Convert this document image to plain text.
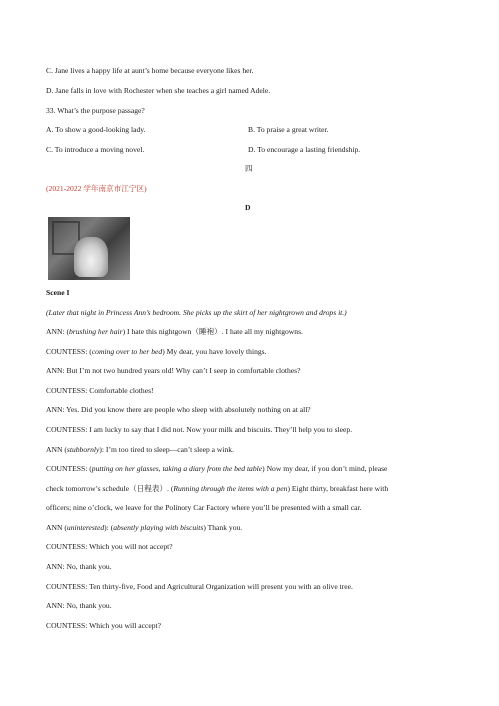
C. Jane lives a happy life at aunt’s home because everyone likes her.
D. Jane falls in love with Rochester when she teaches a girl named Adele.
33. What’s the purpose passage?
A. To show a good-looking lady.	B. To praise a great writer.
C. To introduce a moving novel.	D. To encourage a lasting friendship.
四
(2021-2022 学年南京市江宁区)
D
Scene I
(Later that night in Princess Ann’s bedroom. She picks up the skirt of her nightgrown and drops it.)
ANN: (brushing her hair) I hate this nightgown（睡袍）. I hate all my nightgowns.
COUNTESS: (coming over to her bed) My dear, you have lovely things.
ANN: But I’m not two hundred years old! Why can’t I seep in comfortable clothes?
COUNTESS: Comfortable clothes!
ANN: Yes. Did you know there are people who sleep with absolutely nothing on at all?
COUNTESS: I am lucky to say that I did not. Now your milk and biscuits. They’ll help you to sleep.
ANN (stubbornly): I’m too tired to sleep—can’t sleep a wink.
COUNTESS: (putting on her glasses, taking a diary from the bed table) Now my dear, if you don’t mind, please
check tomorrow’s schedule（日程表）. (Running through the items with a pen) Eight thirty, breakfast here with
officers; nine o’clock, we leave for the Polinory Car Factory where you’ll be presented with a small car.
ANN (uninterested): (absently playing with biscuits) Thank you.
COUNTESS: Which you will not accept?
ANN: No, thank you.
COUNTESS: Ten thirty-five, Food and Agricultural Organization will present you with an olive tree.
ANN: No, thank you.
COUNTESS: Which you will accept?
